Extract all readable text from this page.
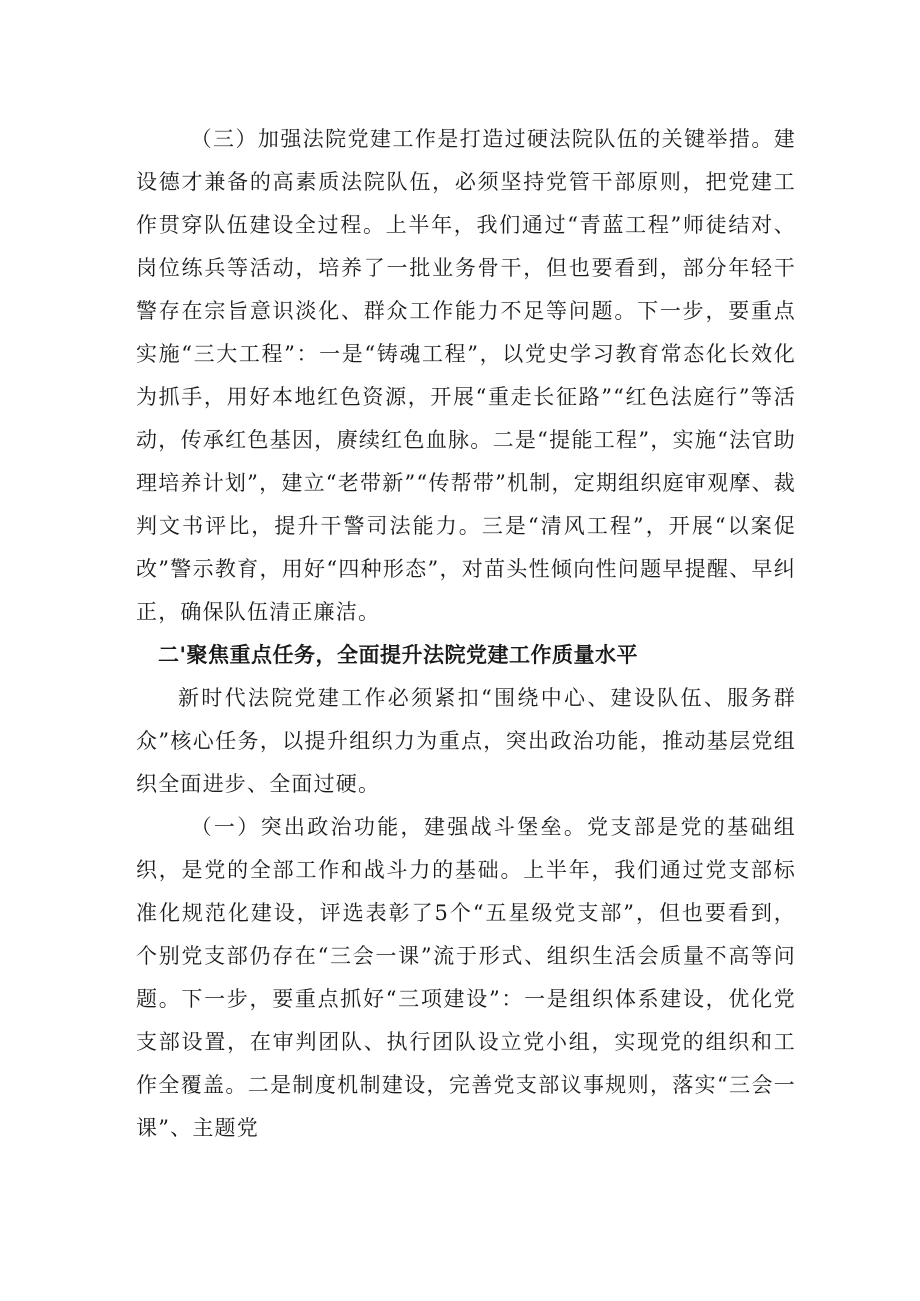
（三）加强法院党建工作是打造过硬法院队伍的关键举措。建设德才兼备的高素质法院队伍，必须坚持党管干部原则，把党建工作贯穿队伍建设全过程。上半年，我们通过“青蓝工程”师徒结对、岗位练兵等活动，培养了一批业务骨干，但也要看到，部分年轻干警存在宗旨意识淡化、群众工作能力不足等问题。下一步，要重点实施“三大工程”：一是“铸魂工程”，以党史学习教育常态化长效化为抓手，用好本地红色资源，开展“重走长征路”“红色法庭行”等活动，传承红色基因，赓续红色血脉。二是“提能工程”，实施“法官助理培养计划”，建立“老带新”“传帮带”机制，定期组织庭审观摩、裁判文书评比，提升干警司法能力。三是“清风工程”，开展“以案促改”警示教育，用好“四种形态”，对苗头性倾向性问题早提醒、早纠正，确保队伍清正廉洁。

二'聚焦重点任务，全面提升法院党建工作质量水平

新时代法院党建工作必须紧扣“围绕中心、建设队伍、服务群众”核心任务，以提升组织力为重点，突出政治功能，推动基层党组织全面进步、全面过硬。

（一）突出政治功能，建强战斗堡垒。党支部是党的基础组织，是党的全部工作和战斗力的基础。上半年，我们通过党支部标准化规范化建设，评选表彰了5个“五星级党支部”，但也要看到，个别党支部仍存在“三会一课”流于形式、组织生活会质量不高等问题。下一步，要重点抓好“三项建设”：一是组织体系建设，优化党支部设置，在审判团队、执行团队设立党小组，实现党的组织和工作全覆盖。二是制度机制建设，完善党支部议事规则，落实“三会一课”、主题党
